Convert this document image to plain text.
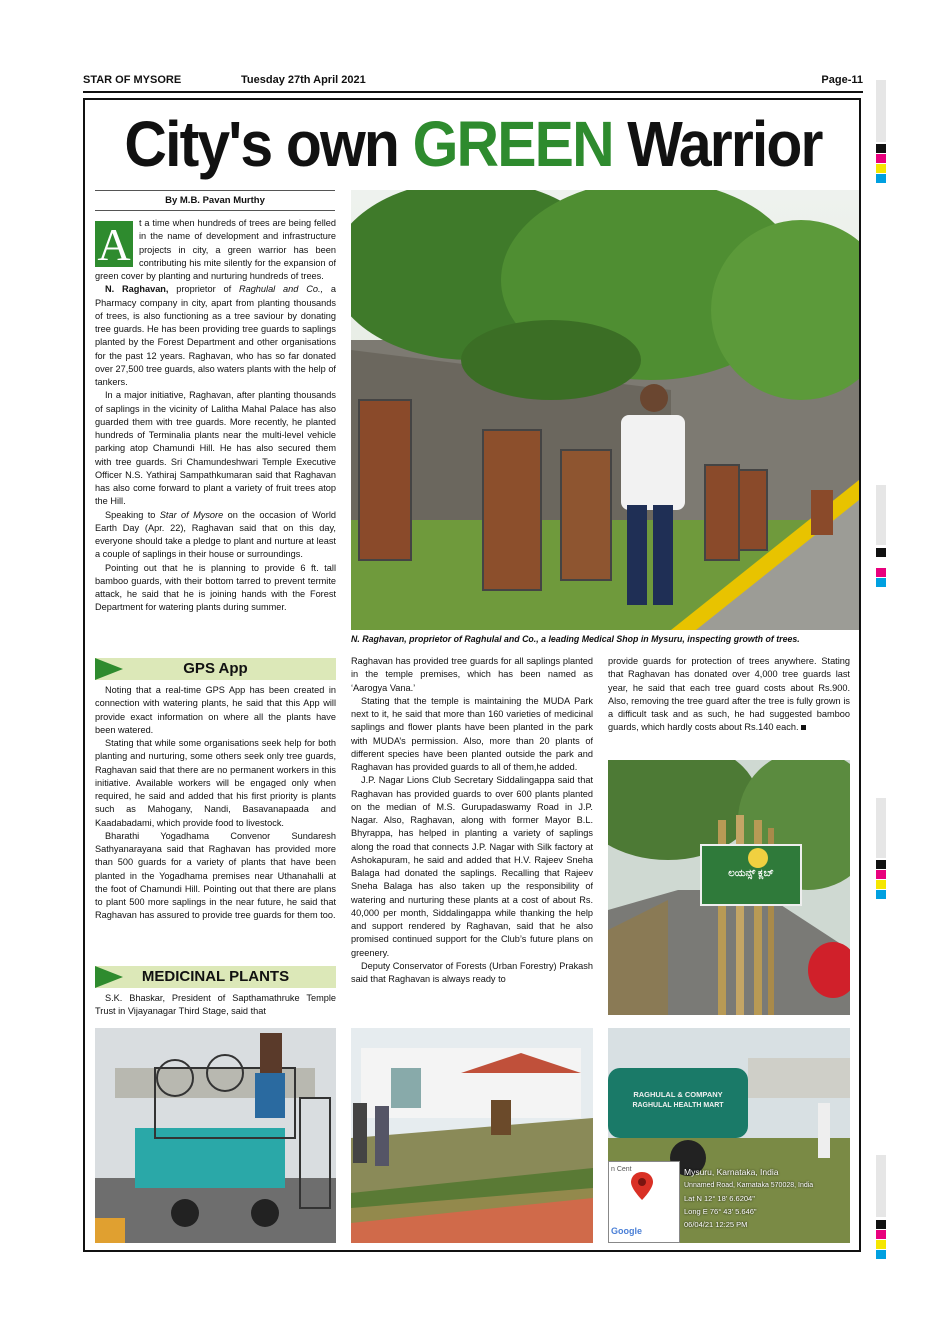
STAR OF MYSORE	Tuesday 27th April 2021	Page-11
City's own GREEN Warrior
By M.B. Pavan Murthy
A t a time when hundreds of trees are being felled in the name of development and infrastructure projects in city, a green warrior has been contributing his mite silently for the expansion of green cover by planting and nurturing hundreds of trees.

N. Raghavan, proprietor of Raghulal and Co., a Pharmacy company in city, apart from planting thousands of trees, is also functioning as a tree saviour by donating tree guards. He has been providing tree guards to saplings planted by the Forest Department and other organisations for the past 12 years. Raghavan, who has so far donated over 27,500 tree guards, also waters plants with the help of tankers.

In a major initiative, Raghavan, after planting thousands of saplings in the vicinity of Lalitha Mahal Palace has also guarded them with tree guards. More recently, he planted hundreds of Terminalia plants near the multi-level vehicle parking atop Chamundi Hill. He has also secured them with tree guards. Sri Chamundeshwari Temple Executive Officer N.S. Yathiraj Sampathkumaran said that Raghavan has also come forward to plant a variety of fruit trees atop the Hill.

Speaking to Star of Mysore on the occasion of World Earth Day (Apr. 22), Raghavan said that on this day, everyone should take a pledge to plant and nurture at least a couple of saplings in their house or surroundings.

Pointing out that he is planning to provide 6 ft. tall bamboo guards, with their bottom tarred to prevent termite attack, he said that he is joining hands with the Forest Department for watering plants during summer.

GPS App

Noting that a real-time GPS App has been created in connection with watering plants, he said that this App will provide exact information on where all the plants have been watered.

Stating that while some organisations seek help for both planting and nurturing, some others seek only tree guards, Raghavan said that there are no permanent workers in this initiative. Available workers will be engaged only when required, he said and added that his first priority is plants such as Mahogany, Nandi, Basavanapaada and Kaadabadami, which provide food to livestock.

Bharathi Yogadhama Convenor Sundaresh Sathyanarayana said that Raghavan has provided more than 500 guards for a variety of plants that have been planted in the Yogadhama premises near Uthanahalli at the foot of Chamundi Hill. Pointing out that there are plans to plant 500 more saplings in the near future, he said that Raghavan has assured to provide tree guards for them too.

MEDICINAL PLANTS

S.K. Bhaskar, President of Sapthamathruke Temple Trust in Vijayanagar Third Stage, said that

N. Raghavan, proprietor of Raghulal and Co., a leading Medical Shop in Mysuru, inspecting growth of trees.

Raghavan has provided tree guards for all saplings planted in the temple premises, which has been named as ‘Aarogya Vana.’

Stating that the temple is maintaining the MUDA Park next to it, he said that more than 160 varieties of medicinal saplings and flower plants have been planted in the park with MUDA’s permission. Also, more than 20 plants of different species have been planted outside the park and Raghavan has provided guards to all of them,he added.

J.P. Nagar Lions Club Secretary Siddalingappa said that Raghavan has provided guards to over 600 plants planted on the median of M.S. Gurupadaswamy Road in J.P. Nagar. Also, Raghavan, along with former Mayor B.L. Bhyrappa, has helped in planting a variety of saplings along the road that connects J.P. Nagar with Silk factory at Ashokapuram, he said and added that H.V. Rajeev Sneha Balaga had donated the saplings. Recalling that Rajeev Sneha Balaga has also taken up the responsibility of watering and nurturing these plants at a cost of about Rs. 40,000 per month, Siddalingappa while thanking the help and support rendered by Raghavan, said that he also promised continued support for the Club’s future plans on greenery.

Deputy Conservator of Forests (Urban Forestry) Prakash said that Raghavan is always ready to

provide guards for protection of trees anywhere. Stating that Raghavan has donated over 4,000 tree guards last year, he said that each tree guard costs about Rs.900. Also, removing the tree guard after the tree is fully grown is a difficult task and as such, he had suggested bamboo guards, which hardly costs about Rs.140 each.

ಲಯನ್ಸ್ ಕ್ಲಬ್
RAGHULAL & COMPANY
RAGHULAL HEALTH MART
n Cent
Google
Mysuru, Karnataka, India
Unnamed Road, Karnataka 570028, India
Lat N 12° 18' 6.6204"
Long E 76° 43' 5.646"
06/04/21 12:25 PM
